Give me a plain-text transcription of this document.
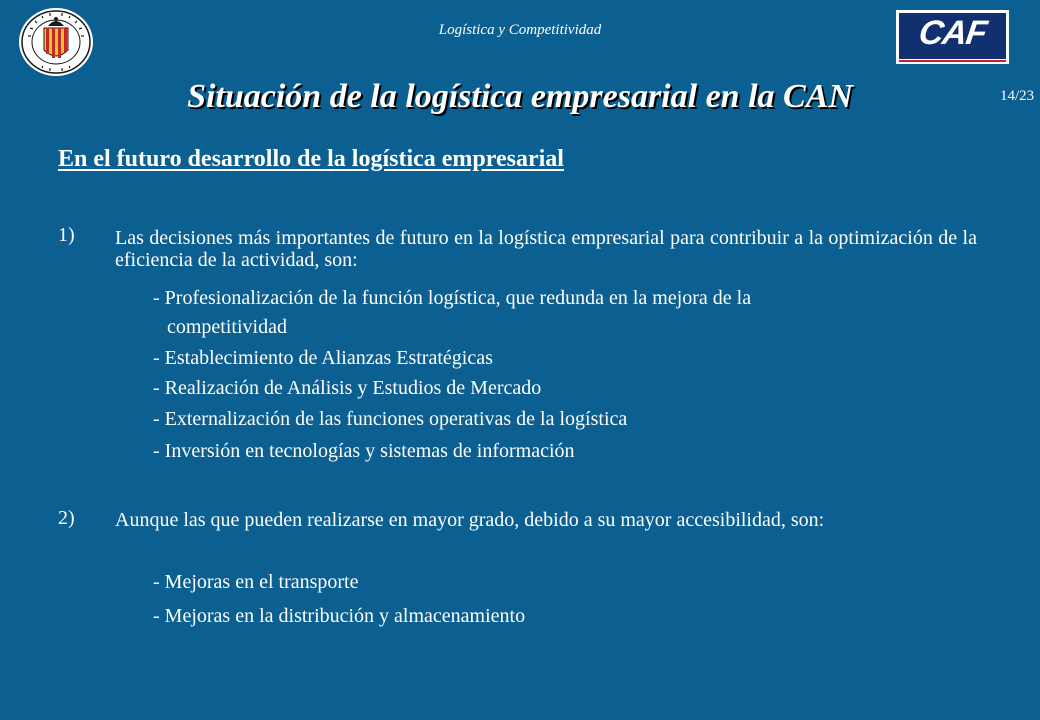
Logística y Competitividad	CAF
14/23
Situación de la logística empresarial en la CAN
En el futuro desarrollo de la logística empresarial
1) Las decisiones más importantes de futuro en la logística empresarial para contribuir a la optimización de la eficiencia de la actividad, son:
- Profesionalización de la función logística, que redunda en la mejora de la
competitividad
- Establecimiento de Alianzas Estratégicas
- Realización de Análisis y Estudios de Mercado
- Externalización de las funciones operativas de la logística
- Inversión en tecnologías y sistemas de información
2) Aunque las que pueden realizarse en mayor grado, debido a su mayor accesibilidad, son:
- Mejoras en el transporte
- Mejoras en la distribución y almacenamiento
